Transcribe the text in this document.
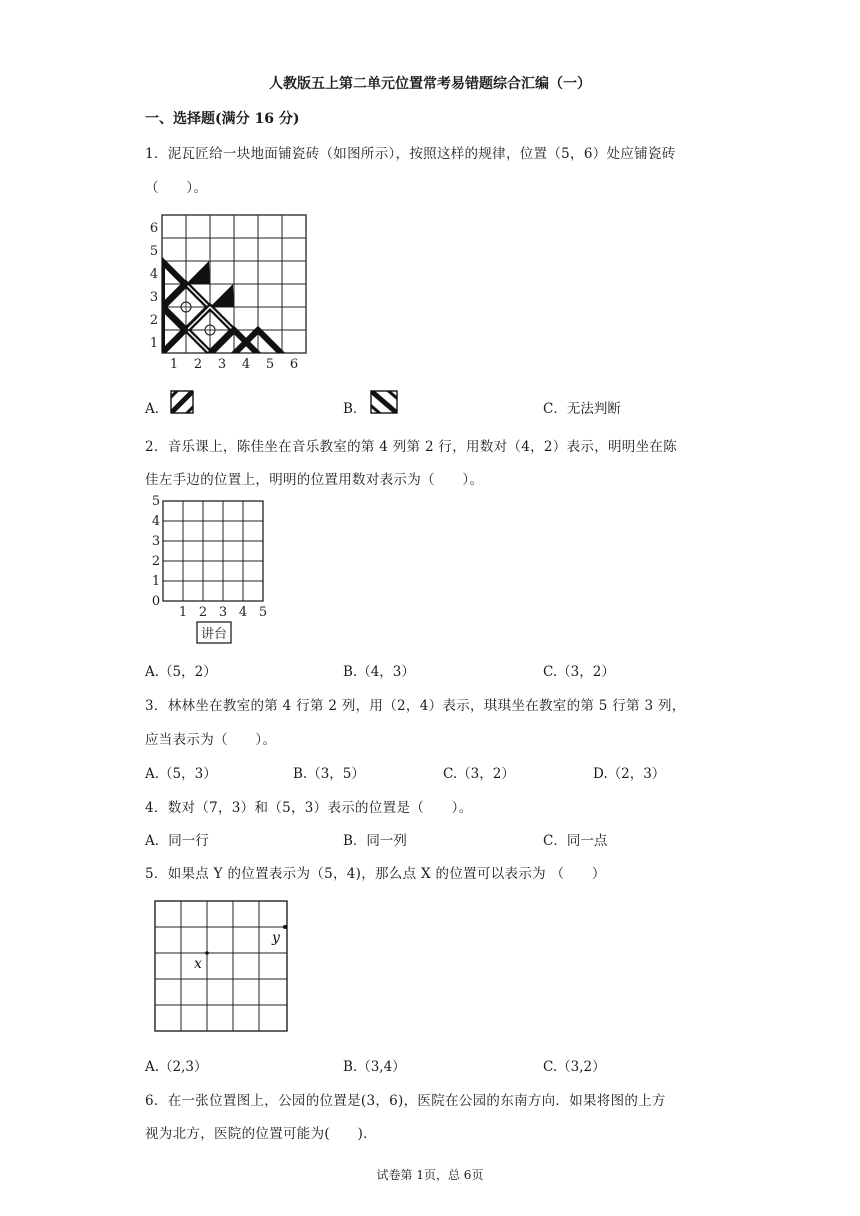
人教版五上第二单元位置常考易错题综合汇编（一）
一、选择题(满分 16 分)
1．泥瓦匠给一块地面铺瓷砖（如图所示），按照这样的规律，位置（5，6）处应铺瓷砖
（　　）。
6
5
4
3
2
1
1 2 3 4 5 6
A．	B．	C．无法判断
2．音乐课上，陈佳坐在音乐教室的第 4 列第 2 行，用数对（4，2）表示，明明坐在陈
佳左手边的位置上，明明的位置用数对表示为（　　）。
5
4
3
2
1
0
1 2 3 4 5
讲台
A.（5，2）	B.（4，3）	C.（3，2）
3．林林坐在教室的第 4 行第 2 列，用（2，4）表示，琪琪坐在教室的第 5 行第 3 列，
应当表示为（　　）。
A.（5，3）	B.（3，5）	C.（3，2）	D.（2，3）
4．数对（7，3）和（5，3）表示的位置是（　　）。
A．同一行	B．同一列	C．同一点
5．如果点 Y 的位置表示为（5，4)，那么点 X 的位置可以表示为 （　　）
y
x
A.（2,3）	B.（3,4）	C.（3,2）
6．在一张位置图上，公园的位置是(3，6)，医院在公园的东南方向．如果将图的上方
视为北方，医院的位置可能为(　　)．
试卷第 1页，总 6页
